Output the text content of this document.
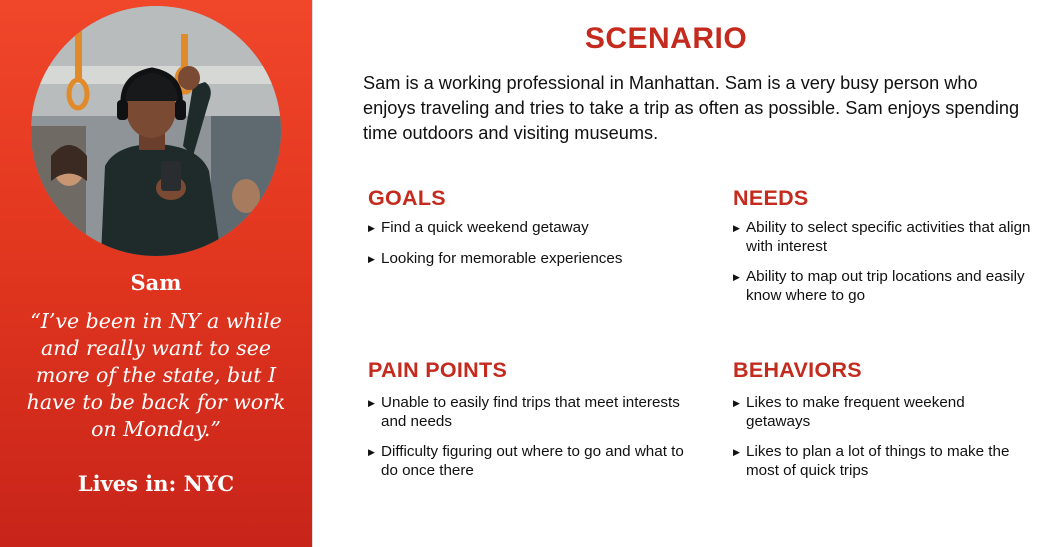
Sam
“I’ve been in NY a while and really want to see more of the state, but I have to be back for work on Monday.”
Lives in: NYC
SCENARIO
Sam is a working professional in Manhattan. Sam is a very busy person who enjoys traveling and tries to take a trip as often as possible. Sam enjoys spending time outdoors and visiting museums.
GOALS
▶ Find a quick weekend getaway
▶ Looking for memorable experiences
NEEDS
▶ Ability to select specific activities that align with interest
▶ Ability to map out trip locations and easily know where to go
PAIN POINTS
▶ Unable to easily find trips that meet interests and needs
▶ Difficulty figuring out where to go and what to do once there
BEHAVIORS
▶ Likes to make frequent weekend getaways
▶ Likes to plan a lot of things to make the most of quick trips
